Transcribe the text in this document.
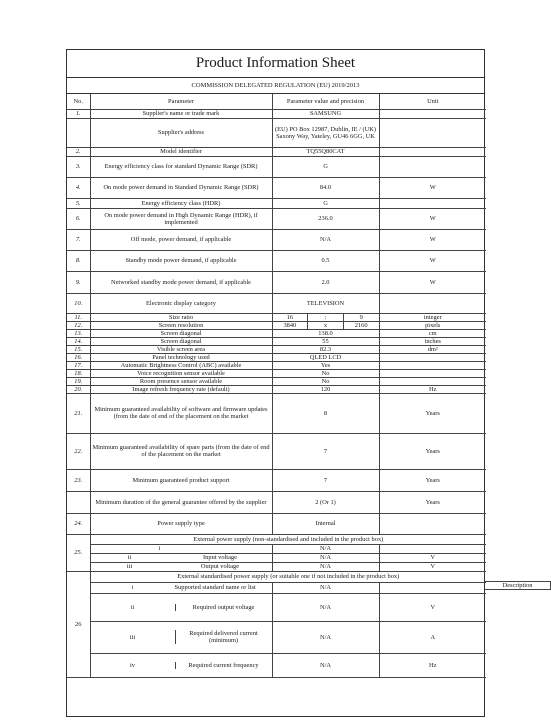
Product Information Sheet
COMMISSION DELEGATED REGULATION (EU) 2019/2013
No.	Parameter	Parameter value and precision	Unit
1.	Supplier's name or trade mark	SAMSUNG	
	Supplier's address	(EU) PO Box 12987, Dublin, IE / (UK) Saxony Way, Yateley, GU46 6GG, UK	
2.	Model identifier	TQ55Q80CAT	
3.	Energy efficiency class for standard Dynamic Range (SDR)	G	
4.	On mode power demand in Standard Dynamic Range (SDR)	84.0	W
5.	Energy efficiency class (HDR)	G	
6.	On mode power demand in High Dynamic Range (HDR), if implemented	236.0	W
7.	Off mode, power demand, if applicable	N/A	W
8.	Standby mode power demand, if applicable	0.5	W
9.	Networked standby mode power demand, if applicable	2.0	W
10.	Electronic display category	TELEVISION	
11.	Size ratio	16 : 9	integer
12.	Screen resolution	3840 x 2160	pixels
13.	Screen diagonal	138.0	cm
14.	Screen diagonal	55	inches
15.	Visible screen area	82.3	dm²
16.	Panel technology used	QLED LCD	
17.	Automatic Brightness Control (ABC) available	Yes	
18.	Voice recognition sensor available	No	
19.	Room presence sensor available	No	
20.	Image refresh frequency rate (default)	120	Hz
21.	Minimum guaranteed availability of software and firmware updates (from the date of end of the placement on the market	8	Years
22.	Minimum guaranteed availability of spare parts (from the date of end of the placement on the market	7	Years
23.	Minimum guaranteed product support	7	Years
	Minimum duration of the general guarantee offered by the supplier	2 (Or 1)	Years
24.	Power supply type	Internal	
25.	External power supply (non-standardised and included in the product box)		
	i	N/A	

ii Input voltage	N/A	V

iii Output voltage	N/A	V
26	External standardised power supply (or suitable one if not included in the product box)		

i Supported standard name or list	N/A	

ii Required output voltage	N/A	V

iii Required delivered current (minimum)	N/A	A

iv Required current frequency	N/A	Hz
Description
